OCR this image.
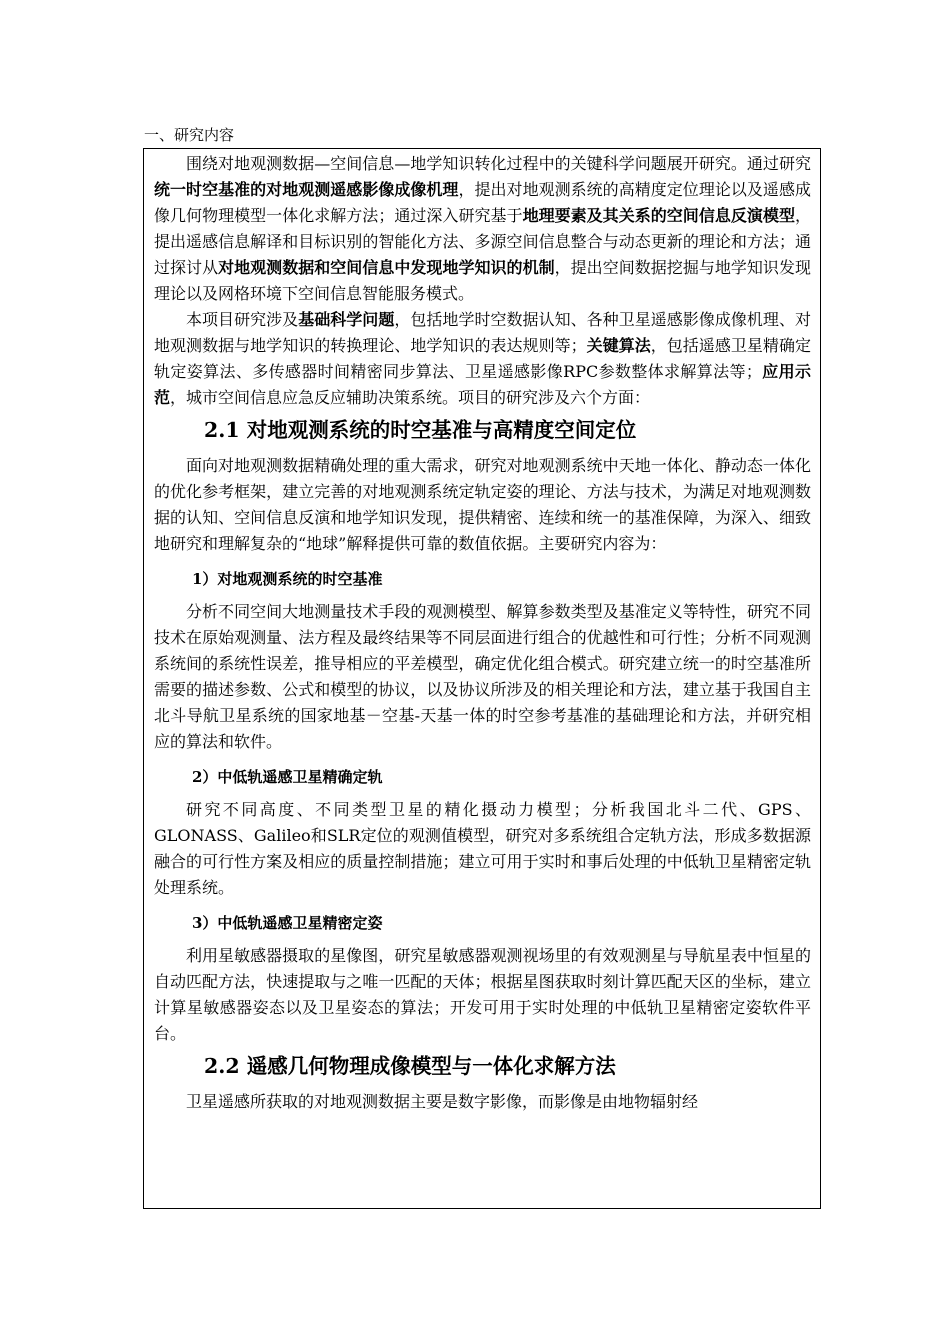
一、研究内容

围绕对地观测数据—空间信息—地学知识转化过程中的关键科学问题展开研究。通过研究统一时空基准的对地观测遥感影像成像机理，提出对地观测系统的高精度定位理论以及遥感成像几何物理模型一体化求解方法；通过深入研究基于地理要素及其关系的空间信息反演模型，提出遥感信息解译和目标识别的智能化方法、多源空间信息整合与动态更新的理论和方法；通过探讨从对地观测数据和空间信息中发现地学知识的机制，提出空间数据挖掘与地学知识发现理论以及网格环境下空间信息智能服务模式。

本项目研究涉及基础科学问题，包括地学时空数据认知、各种卫星遥感影像成像机理、对地观测数据与地学知识的转换理论、地学知识的表达规则等；关键算法，包括遥感卫星精确定轨定姿算法、多传感器时间精密同步算法、卫星遥感影像RPC参数整体求解算法等；应用示范，城市空间信息应急反应辅助决策系统。项目的研究涉及六个方面：

2.1 对地观测系统的时空基准与高精度空间定位

面向对地观测数据精确处理的重大需求，研究对地观测系统中天地一体化、静动态一体化的优化参考框架，建立完善的对地观测系统定轨定姿的理论、方法与技术，为满足对地观测数据的认知、空间信息反演和地学知识发现，提供精密、连续和统一的基准保障，为深入、细致地研究和理解复杂的“地球”解释提供可靠的数值依据。主要研究内容为：

1）对地观测系统的时空基准

分析不同空间大地测量技术手段的观测模型、解算参数类型及基准定义等特性，研究不同技术在原始观测量、法方程及最终结果等不同层面进行组合的优越性和可行性；分析不同观测系统间的系统性误差，推导相应的平差模型，确定优化组合模式。研究建立统一的时空基准所需要的描述参数、公式和模型的协议，以及协议所涉及的相关理论和方法，建立基于我国自主北斗导航卫星系统的国家地基－空基-天基一体的时空参考基准的基础理论和方法，并研究相应的算法和软件。

2）中低轨遥感卫星精确定轨

研究不同高度、不同类型卫星的精化摄动力模型；分析我国北斗二代、GPS、GLONASS、Galileo和SLR定位的观测值模型，研究对多系统组合定轨方法，形成多数据源融合的可行性方案及相应的质量控制措施；建立可用于实时和事后处理的中低轨卫星精密定轨处理系统。

3）中低轨遥感卫星精密定姿

利用星敏感器摄取的星像图，研究星敏感器观测视场里的有效观测星与导航星表中恒星的自动匹配方法，快速提取与之唯一匹配的天体；根据星图获取时刻计算匹配天区的坐标，建立计算星敏感器姿态以及卫星姿态的算法；开发可用于实时处理的中低轨卫星精密定姿软件平台。

2.2 遥感几何物理成像模型与一体化求解方法

卫星遥感所获取的对地观测数据主要是数字影像，而影像是由地物辐射经
